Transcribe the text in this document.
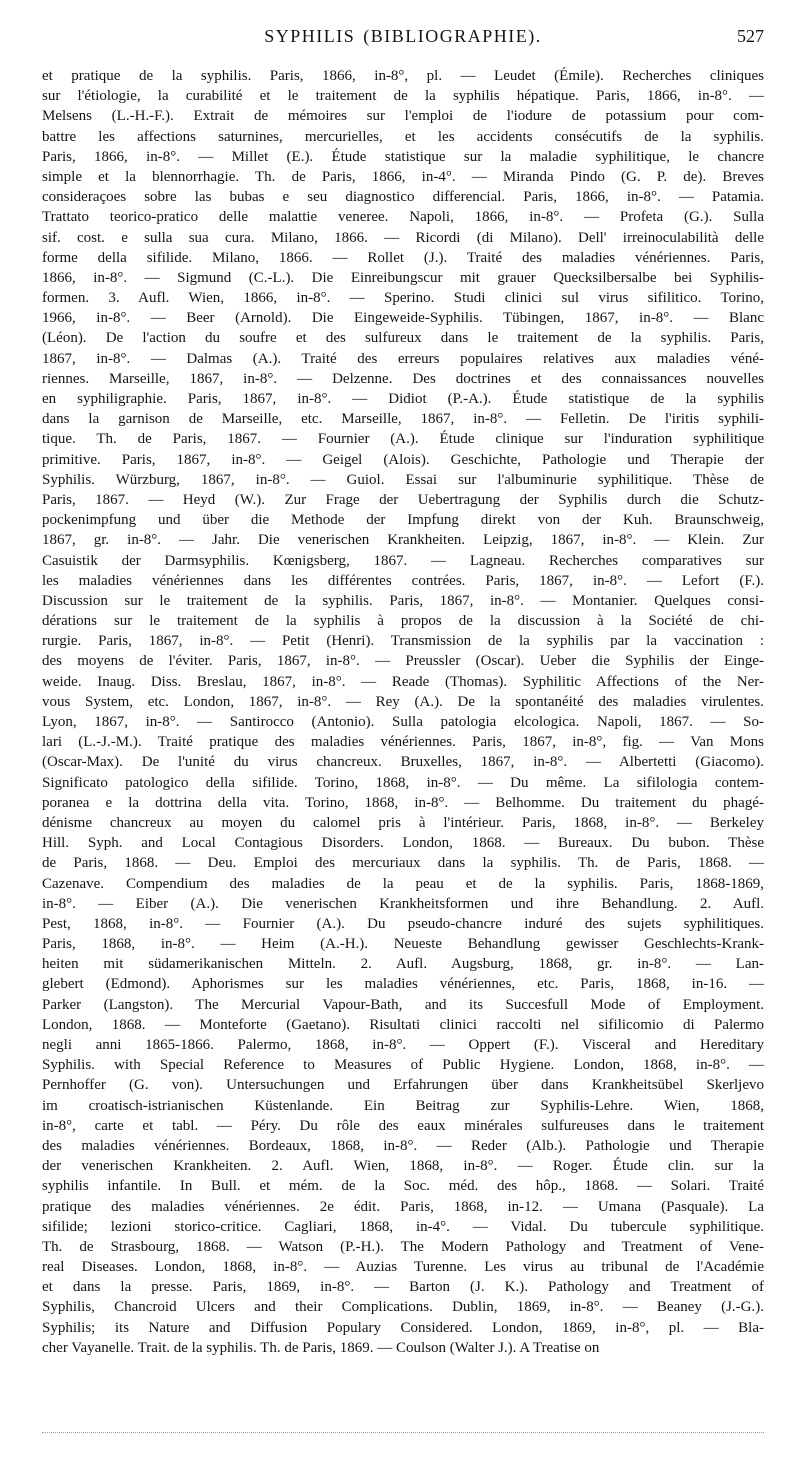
SYPHILIS (BIBLIOGRAPHIE).	527
et pratique de la syphilis. Paris, 1866, in-8°, pl. — Leudet (Émile). Recherches cliniques
sur l'étiologie, la curabilité et le traitement de la syphilis hépatique. Paris, 1866, in-8°. —
Melsens (L.-H.-F.). Extrait de mémoires sur l'emploi de l'iodure de potassium pour com-
battre les affections saturnines, mercurielles, et les accidents consécutifs de la syphilis.
Paris, 1866, in-8°. — Millet (E.). Étude statistique sur la maladie syphilitique, le chancre
simple et la blennorrhagie. Th. de Paris, 1866, in-4°. — Miranda Pindo (G. P. de). Breves
consideraçoes sobre las bubas e seu diagnostico differencial. Paris, 1866, in-8°. — Patamia.
Trattato teorico-pratico delle malattie veneree. Napoli, 1866, in-8°. — Profeta (G.). Sulla
sif. cost. e sulla sua cura. Milano, 1866. — Ricordi (di Milano). Dell' irreinoculabilità delle
forme della sifilide. Milano, 1866. — Rollet (J.). Traité des maladies vénériennes. Paris,
1866, in-8°. — Sigmund (C.-L.). Die Einreibungscur mit grauer Quecksilbersalbe bei Syphilis-
formen. 3. Aufl. Wien, 1866, in-8°. — Sperino. Studi clinici sul virus sifilitico. Torino,
1966, in-8°. — Beer (Arnold). Die Eingeweide-Syphilis. Tübingen, 1867, in-8°. — Blanc
(Léon). De l'action du soufre et des sulfureux dans le traitement de la syphilis. Paris,
1867, in-8°. — Dalmas (A.). Traité des erreurs populaires relatives aux maladies véné-
riennes. Marseille, 1867, in-8°. — Delzenne. Des doctrines et des connaissances nouvelles
en syphiligraphie. Paris, 1867, in-8°. — Didiot (P.-A.). Étude statistique de la syphilis
dans la garnison de Marseille, etc. Marseille, 1867, in-8°. — Felletin. De l'iritis syphili-
tique. Th. de Paris, 1867. — Fournier (A.). Étude clinique sur l'induration syphilitique
primitive. Paris, 1867, in-8°. — Geigel (Alois). Geschichte, Pathologie und Therapie der
Syphilis. Würzburg, 1867, in-8°. — Guiol. Essai sur l'albuminurie syphilitique. Thèse de
Paris, 1867. — Heyd (W.). Zur Frage der Uebertragung der Syphilis durch die Schutz-
pockenimpfung und über die Methode der Impfung direkt von der Kuh. Braunschweig,
1867, gr. in-8°. — Jahr. Die venerischen Krankheiten. Leipzig, 1867, in-8°. — Klein. Zur
Casuistik der Darmsyphilis. Kœnigsberg, 1867. — Lagneau. Recherches comparatives sur
les maladies vénériennes dans les différentes contrées. Paris, 1867, in-8°. — Lefort (F.).
Discussion sur le traitement de la syphilis. Paris, 1867, in-8°. — Montanier. Quelques consi-
dérations sur le traitement de la syphilis à propos de la discussion à la Société de chi-
rurgie. Paris, 1867, in-8°. — Petit (Henri). Transmission de la syphilis par la vaccination :
des moyens de l'éviter. Paris, 1867, in-8°. — Preussler (Oscar). Ueber die Syphilis der Einge-
weide. Inaug. Diss. Breslau, 1867, in-8°. — Reade (Thomas). Syphilitic Affections of the Ner-
vous System, etc. London, 1867, in-8°. — Rey (A.). De la spontanéité des maladies virulentes.
Lyon, 1867, in-8°. — Santirocco (Antonio). Sulla patologia elcologica. Napoli, 1867. — So-
lari (L.-J.-M.). Traité pratique des maladies vénériennes. Paris, 1867, in-8°, fig. — Van Mons
(Oscar-Max). De l'unité du virus chancreux. Bruxelles, 1867, in-8°. — Albertetti (Giacomo).
Significato patologico della sifilide. Torino, 1868, in-8°. — Du même. La sifilologia contem-
poranea e la dottrina della vita. Torino, 1868, in-8°. — Belhomme. Du traitement du phagé-
dénisme chancreux au moyen du calomel pris à l'intérieur. Paris, 1868, in-8°. — Berkeley
Hill. Syph. and Local Contagious Disorders. London, 1868. — Bureaux. Du bubon. Thèse
de Paris, 1868. — Deu. Emploi des mercuriaux dans la syphilis. Th. de Paris, 1868. —
Cazenave. Compendium des maladies de la peau et de la syphilis. Paris, 1868-1869,
in-8°. — Eiber (A.). Die venerischen Krankheitsformen und ihre Behandlung. 2. Aufl.
Pest, 1868, in-8°. — Fournier (A.). Du pseudo-chancre induré des sujets syphilitiques.
Paris, 1868, in-8°. — Heim (A.-H.). Neueste Behandlung gewisser Geschlechts-Krank-
heiten mit südamerikanischen Mitteln. 2. Aufl. Augsburg, 1868, gr. in-8°. — Lan-
glebert (Edmond). Aphorismes sur les maladies vénériennes, etc. Paris, 1868, in-16. —
Parker (Langston). The Mercurial Vapour-Bath, and its Succesfull Mode of Employment.
London, 1868. — Monteforte (Gaetano). Risultati clinici raccolti nel sifilicomio di Palermo
negli anni 1865-1866. Palermo, 1868, in-8°. — Oppert (F.). Visceral and Hereditary
Syphilis. with Special Reference to Measures of Public Hygiene. London, 1868, in-8°. —
Pernhoffer (G. von). Untersuchungen und Erfahrungen über dans Krankheitsübel Skerljevo
im croatisch-istrianischen Küstenlande. Ein Beitrag zur Syphilis-Lehre. Wien, 1868,
in-8°, carte et tabl. — Péry. Du rôle des eaux minérales sulfureuses dans le traitement
des maladies vénériennes. Bordeaux, 1868, in-8°. — Reder (Alb.). Pathologie und Therapie
der venerischen Krankheiten. 2. Aufl. Wien, 1868, in-8°. — Roger. Étude clin. sur la
syphilis infantile. In Bull. et mém. de la Soc. méd. des hôp., 1868. — Solari. Traité
pratique des maladies vénériennes. 2e édit. Paris, 1868, in-12. — Umana (Pasquale). La
sifilide; lezioni storico-critice. Cagliari, 1868, in-4°. — Vidal. Du tubercule syphilitique.
Th. de Strasbourg, 1868. — Watson (P.-H.). The Modern Pathology and Treatment of Vene-
real Diseases. London, 1868, in-8°. — Auzias Turenne. Les virus au tribunal de l'Académie
et dans la presse. Paris, 1869, in-8°. — Barton (J. K.). Pathology and Treatment of
Syphilis, Chancroid Ulcers and their Complications. Dublin, 1869, in-8°. — Beaney (J.-G.).
Syphilis; its Nature and Diffusion Populary Considered. London, 1869, in-8°, pl. — Bla-
cher Vayanelle. Trait. de la syphilis. Th. de Paris, 1869. — Coulson (Walter J.). A Treatise on
